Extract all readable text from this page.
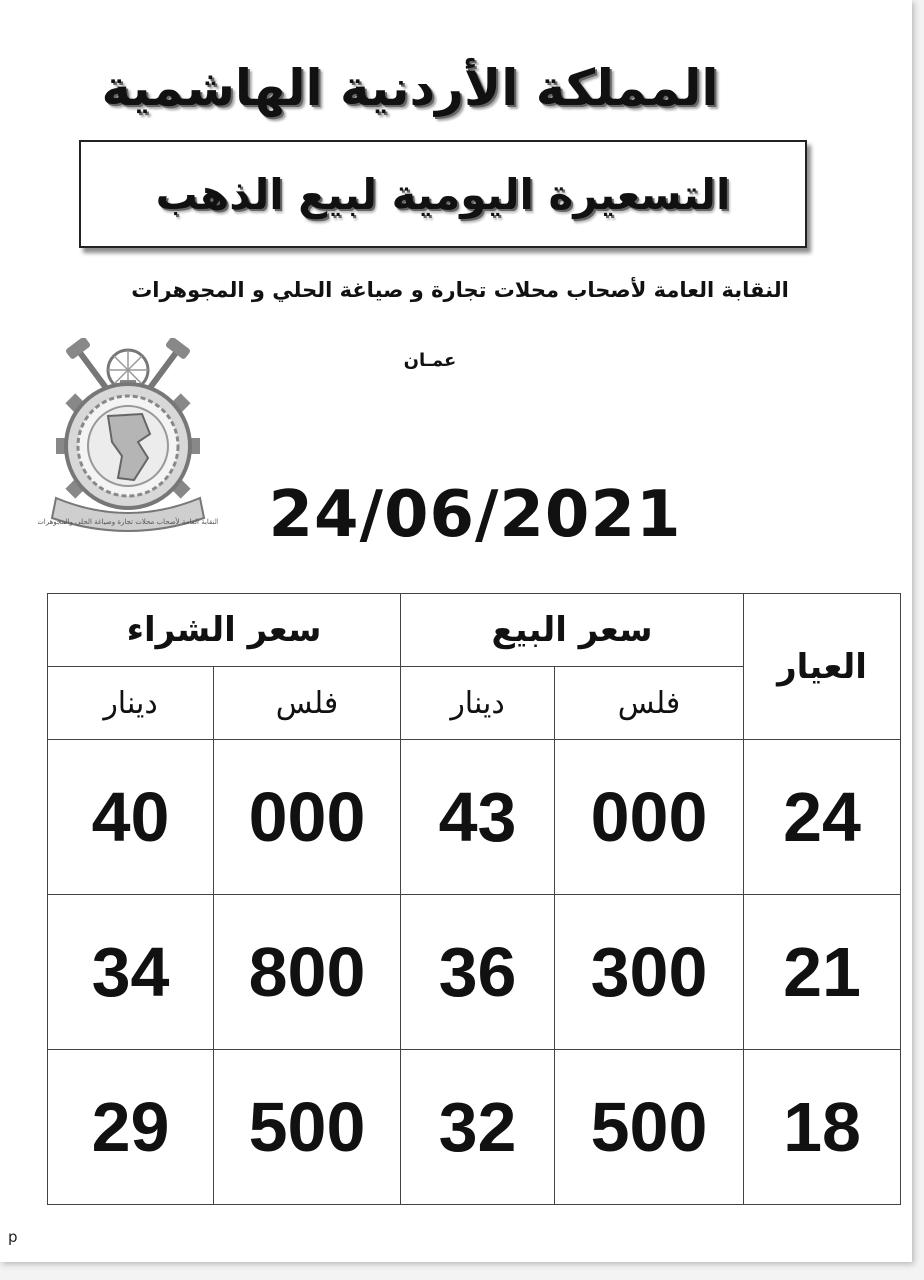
المملكة الأردنية الهاشمية
التسعيرة اليومية لبيع الذهب
النقابة العامة لأصحاب محلات تجارة و صياغة الحلي و المجوهرات
عمـان
النقابة العامة لأصحاب محلات تجارة وصياغة الحلي والمجوهرات 24/06/2021
العيار	سعر البيع		سعر الشراء	
	فلس	دينار	فلس	دينار
24	000	43	000	40
21	300	36	800	34
18	500	32	500	29
p
